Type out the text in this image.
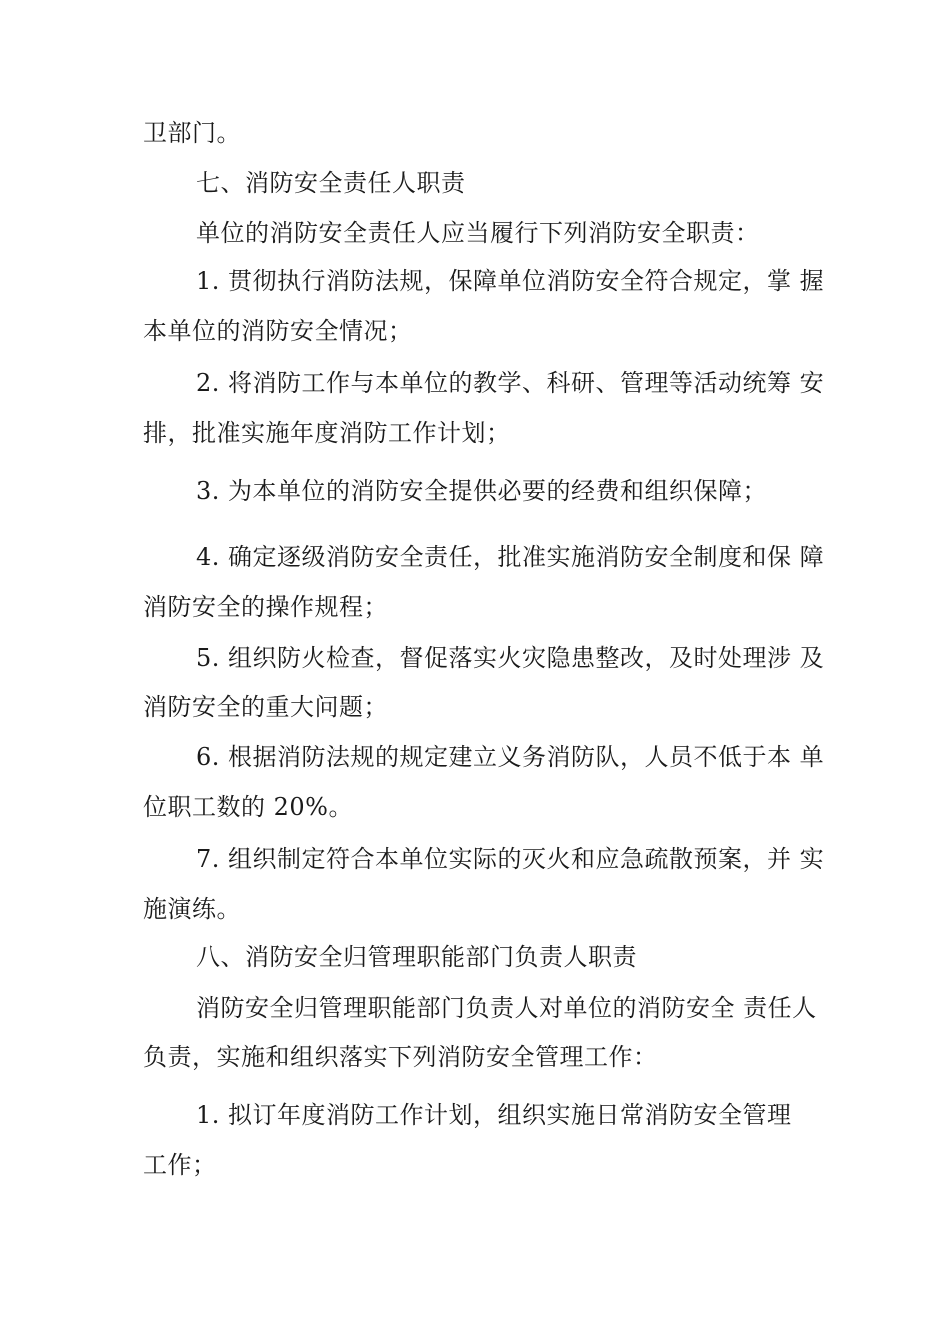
卫部门。
七、消防安全责任人职责
单位的消防安全责任人应当履行下列消防安全职责：
1. 贯彻执行消防法规，保障单位消防安全符合规定，掌 握
本单位的消防安全情况；
2. 将消防工作与本单位的教学、科研、管理等活动统筹 安
排，批准实施年度消防工作计划；
3. 为本单位的消防安全提供必要的经费和组织保障；
4. 确定逐级消防安全责任，批准实施消防安全制度和保 障
消防安全的操作规程；
5. 组织防火检查，督促落实火灾隐患整改，及时处理涉 及
消防安全的重大问题；
6. 根据消防法规的规定建立义务消防队，人员不低于本 单
位职工数的 20%。
7. 组织制定符合本单位实际的灭火和应急疏散预案，并 实
施演练。
八、消防安全归管理职能部门负责人职责
消防安全归管理职能部门负责人对单位的消防安全 责任人
负责，实施和组织落实下列消防安全管理工作：
1. 拟订年度消防工作计划，组织实施日常消防安全管理
工作；
